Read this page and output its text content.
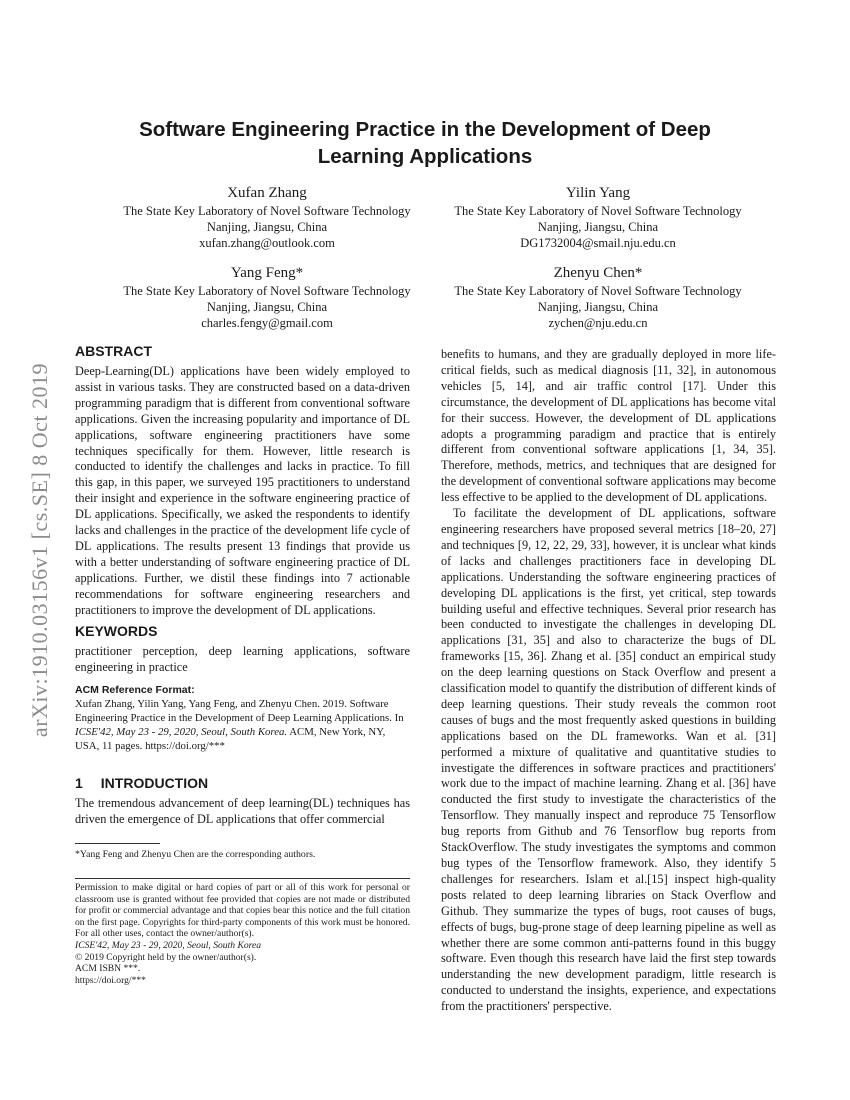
arXiv:1910.03156v1 [cs.SE] 8 Oct 2019
Software Engineering Practice in the Development of Deep Learning Applications
Xufan Zhang
The State Key Laboratory of Novel Software Technology
Nanjing, Jiangsu, China
xufan.zhang@outlook.com
Yilin Yang
The State Key Laboratory of Novel Software Technology
Nanjing, Jiangsu, China
DG1732004@smail.nju.edu.cn
Yang Feng*
The State Key Laboratory of Novel Software Technology
Nanjing, Jiangsu, China
charles.fengy@gmail.com
Zhenyu Chen*
The State Key Laboratory of Novel Software Technology
Nanjing, Jiangsu, China
zychen@nju.edu.cn
ABSTRACT

Deep-Learning(DL) applications have been widely employed to assist in various tasks. They are constructed based on a data-driven programming paradigm that is different from conventional software applications. Given the increasing popularity and importance of DL applications, software engineering practitioners have some techniques specifically for them. However, little research is conducted to identify the challenges and lacks in practice. To fill this gap, in this paper, we surveyed 195 practitioners to understand their insight and experience in the software engineering practice of DL applications. Specifically, we asked the respondents to identify lacks and challenges in the practice of the development life cycle of DL applications. The results present 13 findings that provide us with a better understanding of software engineering practice of DL applications. Further, we distil these findings into 7 actionable recommendations for software engineering researchers and practitioners to improve the development of DL applications.

KEYWORDS

practitioner perception, deep learning applications, software engineering in practice

ACM Reference Format:

Xufan Zhang, Yilin Yang, Yang Feng, and Zhenyu Chen. 2019. Software Engineering Practice in the Development of Deep Learning Applications. In ICSE'42, May 23 - 29, 2020, Seoul, South Korea. ACM, New York, NY, USA, 11 pages. https://doi.org/***

1 INTRODUCTION

The tremendous advancement of deep learning(DL) techniques has driven the emergence of DL applications that offer commercial

*Yang Feng and Zhenyu Chen are the corresponding authors.

Permission to make digital or hard copies of part or all of this work for personal or classroom use is granted without fee provided that copies are not made or distributed for profit or commercial advantage and that copies bear this notice and the full citation on the first page. Copyrights for third-party components of this work must be honored. For all other uses, contact the owner/author(s).

ICSE'42, May 23 - 29, 2020, Seoul, South Korea
© 2019 Copyright held by the owner/author(s).
ACM ISBN ***.
https://doi.org/***

benefits to humans, and they are gradually deployed in more life-critical fields, such as medical diagnosis [11, 32], in autonomous vehicles [5, 14], and air traffic control [17]. Under this circumstance, the development of DL applications has become vital for their success. However, the development of DL applications adopts a programming paradigm and practice that is entirely different from conventional software applications [1, 34, 35]. Therefore, methods, metrics, and techniques that are designed for the development of conventional software applications may become less effective to be applied to the development of DL applications.

To facilitate the development of DL applications, software engineering researchers have proposed several metrics [18–20, 27] and techniques [9, 12, 22, 29, 33], however, it is unclear what kinds of lacks and challenges practitioners face in developing DL applications. Understanding the software engineering practices of developing DL applications is the first, yet critical, step towards building useful and effective techniques. Several prior research has been conducted to investigate the challenges in developing DL applications [31, 35] and also to characterize the bugs of DL frameworks [15, 36]. Zhang et al. [35] conduct an empirical study on the deep learning questions on Stack Overflow and present a classification model to quantify the distribution of different kinds of deep learning questions. Their study reveals the common root causes of bugs and the most frequently asked questions in building applications based on the DL frameworks. Wan et al. [31] performed a mixture of qualitative and quantitative studies to investigate the differences in software practices and practitioners' work due to the impact of machine learning. Zhang et al. [36] have conducted the first study to investigate the characteristics of the Tensorflow. They manually inspect and reproduce 75 Tensorflow bug reports from Github and 76 Tensorflow bug reports from StackOverflow. The study investigates the symptoms and common bug types of the Tensorflow framework. Also, they identify 5 challenges for researchers. Islam et al.[15] inspect high-quality posts related to deep learning libraries on Stack Overflow and Github. They summarize the types of bugs, root causes of bugs, effects of bugs, bug-prone stage of deep learning pipeline as well as whether there are some common anti-patterns found in this buggy software. Even though this research have laid the first step towards understanding the new development paradigm, little research is conducted to understand the insights, experience, and expectations from the practitioners' perspective.
